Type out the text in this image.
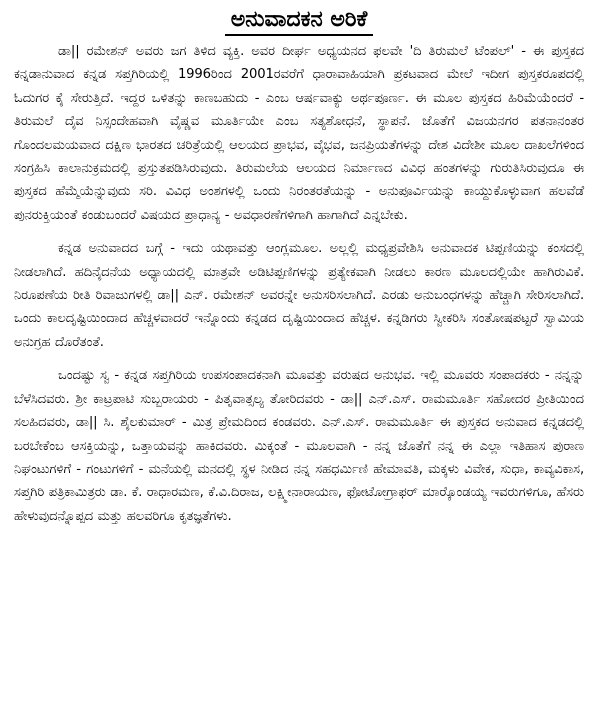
ಅನುವಾದಕನ ಅರಿಕೆ

ಡಾ|| ರಮೇಶನ್ ಅವರು ಜಗ ತಿಳಿದ ವ್ಯಕ್ತಿ. ಅವರ ದೀರ್ಘ ಅಧ್ಯಯನದ ಫಲವೇ 'ದಿ ತಿರುಮಲೆ ಟೆಂಪಲ್' - ಈ ಪುಸ್ತಕದ ಕನ್ನಡಾನುವಾದ ಕನ್ನಡ ಸಪ್ತಗಿರಿಯಲ್ಲಿ 1996ರಿಂದ 2001ರವರೆಗೆ ಧಾರಾವಾಹಿಯಾಗಿ ಪ್ರಕಟವಾದ ಮೇಲೆ ಇದೀಗ ಪುಸ್ತಕರೂಪದಲ್ಲಿ ಓದುಗರ ಕೈ ಸೇರುತ್ತಿದೆ. ಇದ್ದರ ಒಳಿತನ್ನು ಕಾಣಬಹುದು - ಎಂಬ ಆರ್ಷವಾಕ್ಯು ಅರ್ಥಪೂರ್ಣ. ಈ ಮೂಲ ಪುಸ್ತಕದ ಹಿರಿಮೆಯೆಂದರೆ - ತಿರುಮಲೆ ದೈವ ನಿಸ್ಸಂದೇಹವಾಗಿ ವೈಷ್ಣವ ಮೂರ್ತಿಯೇ ಎಂಬ ಸತ್ಯಶೋಧನೆ, ಸ್ಥಾಪನೆ. ಜೊತೆಗೆ ವಿಜಯನಗರ ಪತನಾನಂತರ ಗೊಂದಲಮಯವಾದ ದಕ್ಷಿಣ ಭಾರತದ ಚರಿತ್ರೆಯಲ್ಲಿ ಆಲಯದ ಪ್ರಾಭವ, ವೈಭವ, ಜನಪ್ರಿಯತೆಗಳನ್ನು ದೇಶ ವಿದೇಶೀ ಮೂಲ ದಾಖಲೆಗಳಿಂದ ಸಂಗ್ರಹಿಸಿ ಕಾಲಾನುಕ್ರಮದಲ್ಲಿ ಪ್ರಸ್ತುತಪಡಿಸಿರುವುದು. ತಿರುಮಲೆಯ ಆಲಯದ ನಿರ್ಮಾಣದ ವಿವಿಧ ಹಂತಗಳನ್ನು ಗುರುತಿಸಿರುವುದೂ ಈ ಪುಸ್ತಕದ ಹೆಮ್ಮೆಯೆನ್ನುವುದು ಸರಿ. ವಿವಿಧ ಅಂಶಗಳಲ್ಲಿ ಒಂದು ನಿರಂತರತೆಯನ್ನು - ಅನುಪೂರ್ವಿಯನ್ನು ಕಾಯ್ದುಕೊಳ್ಳುವಾಗ ಹಲವೆಡೆ ಪುನರುಕ್ತಿಯಂತೆ ಕಂಡುಬಂದರೆ ವಿಷಯದ ಪ್ರಾಧಾನ್ಯ - ಅವಧಾರಣೆಗಳಿಗಾಗಿ ಹಾಗಾಗಿದೆ ಎನ್ನಬೇಕು.

ಕನ್ನಡ ಅನುವಾದದ ಬಗ್ಗೆ - ಇದು ಯಥಾವತ್ತು ಆಂಗ್ಲಮೂಲ. ಅಲ್ಲಲ್ಲಿ ಮಧ್ಯಪ್ರವೇಶಿಸಿ ಅನುವಾದಕ ಟಿಪ್ಪಣಿಯನ್ನು ಕಂಸದಲ್ಲಿ ನೀಡಲಾಗಿದೆ. ಹದಿನೈದನೆಯ ಅಧ್ಯಾಯದಲ್ಲಿ ಮಾತ್ರವೇ ಅಡಿಟಿಪ್ಪಣಿಗಳನ್ನು ಪ್ರತ್ಯೇಕವಾಗಿ ನೀಡಲು ಕಾರಣ ಮೂಲದಲ್ಲಿಯೇ ಹಾಗಿರುವಿಕೆ. ನಿರೂಪಣೆಯ ರೀತಿ ರಿವಾಜುಗಳಲ್ಲಿ ಡಾ|| ಎನ್. ರಮೇಶನ್ ಅವರನ್ನೇ ಅನುಸರಿಸಲಾಗಿದೆ. ಎರಡು ಅನುಬಂಧಗಳನ್ನು ಹೆಚ್ಚಾಗಿ ಸೇರಿಸಲಾಗಿದೆ. ಒಂದು ಕಾಲದೃಷ್ಟಿಯಿಂದಾದ ಹೆಚ್ಚಳವಾದರೆ ಇನ್ನೊಂದು ಕನ್ನಡದ ದೃಷ್ಟಿಯಿಂದಾದ ಹೆಚ್ಚಳ. ಕನ್ನಡಿಗರು ಸ್ವೀಕರಿಸಿ ಸಂತೋಷಪಟ್ಟರೆ ಸ್ವಾಮಿಯ ಅನುಗ್ರಹ ದೊರೆತಂತೆ.

ಒಂದಷ್ಟು ಸ್ವ - ಕನ್ನಡ ಸಪ್ತಗಿರಿಯ ಉಪಸಂಪಾದಕನಾಗಿ ಮೂವತ್ತು ವರುಷದ ಅನುಭವ. ಇಲ್ಲಿ ಮೂವರು ಸಂಪಾದಕರು - ನನ್ನನ್ನು ಬೆಳೆಸಿದವರು. ಶ್ರೀ ಕಾಟ್ರಪಾಟಿ ಸುಬ್ಬರಾಯರು - ಪಿತೃವಾತ್ಸಲ್ಯ ತೋರಿದವರು - ಡಾ|| ಎನ್.ಎಸ್. ರಾಮಮೂರ್ತಿ ಸಹೋದರ ಪ್ರೀತಿಯಿಂದ ಸಲಹಿದವರು, ಡಾ|| ಸಿ. ಶೈಲಕುಮಾರ್ - ಮಿತ್ರ ಪ್ರೇಮದಿಂದ ಕಂಡವರು. ಎನ್.ಎಸ್. ರಾಮಮೂರ್ತಿ ಈ ಪುಸ್ತಕದ ಅನುವಾದ ಕನ್ನಡದಲ್ಲಿ ಬರಬೇಕೆಂಬ ಆಸಕ್ತಿಯನ್ನು, ಒತ್ತಾಯವನ್ನು ಹಾಕಿದವರು. ಮಿಕ್ಕಂತೆ - ಮೂಲವಾಗಿ - ನನ್ನ ಜೊತೆಗೆ ನನ್ನ ಈ ಎಲ್ಲಾ ಇತಿಹಾಸ ಪುರಾಣ ನಿಘಂಟುಗಳಿಗೆ - ಗಂಟುಗಳಿಗೆ - ಮನೆಯಲ್ಲಿ ಮನದಲ್ಲಿ ಸ್ಥಳ ನೀಡಿದ ನನ್ನ ಸಹಧರ್ಮಿಣಿ ಹೇಮಾವತಿ, ಮಕ್ಕಳು ವಿವೇಕ, ಸುಧಾ, ಕಾವ್ಯವಿಕಾಸ, ಸಪ್ತಗಿರಿ ಪತ್ರಿಕಾಮಿತ್ರರು ಡಾ. ಕೆ. ರಾಧಾರಮಣ, ಕೆ.ವಿ.ದಿರಾಜ, ಲಕ್ಷ್ಮೀನಾರಾಯಣ, ಫೋಟೋಗ್ರಾಫರ್ ಮಾರ್‍ಕೊಂಡಯ್ಯ ಇವರುಗಳಿಗೂ, ಹೆಸರು ಹೇಳುವುದನ್ನೊಪ್ಪದ ಮತ್ತು ಹಲವರಿಗೂ ಕೃತಜ್ಞತೆಗಳು.
